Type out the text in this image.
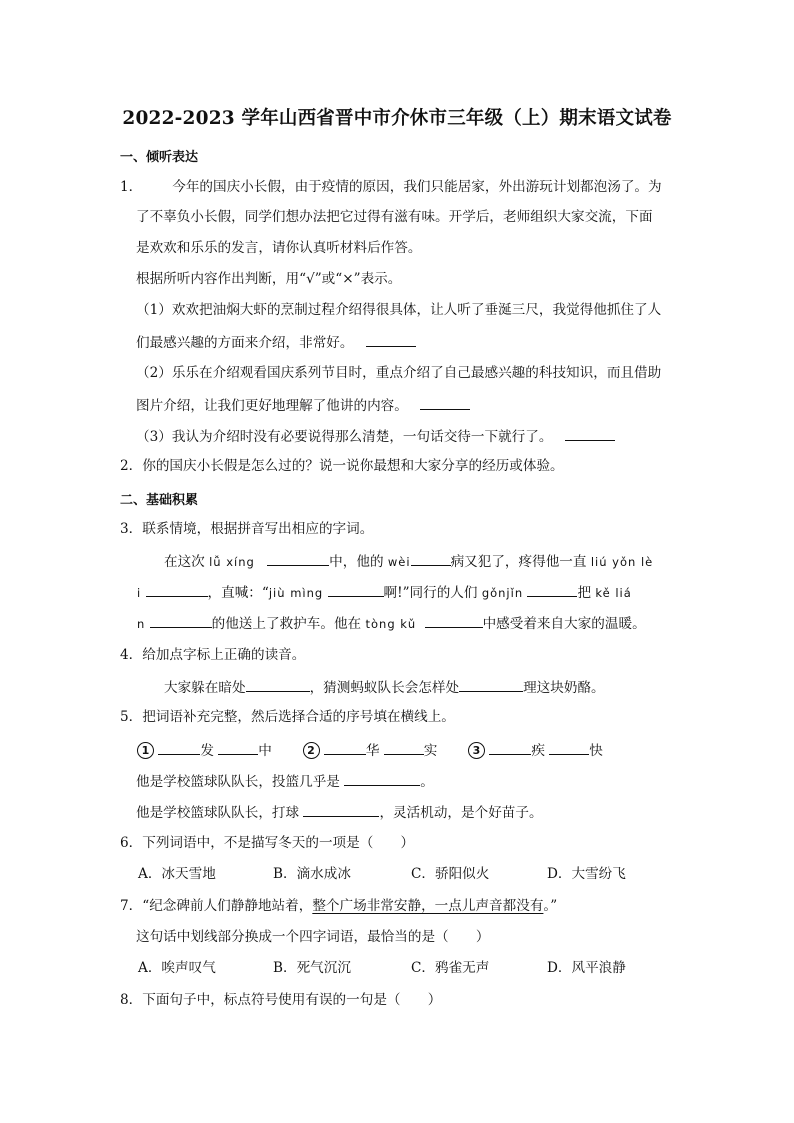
2022-2023 学年山西省晋中市介休市三年级（上）期末语文试卷
一、倾听表达
1． 今年的国庆小长假，由于疫情的原因，我们只能居家，外出游玩计划都泡汤了。为
了不辜负小长假，同学们想办法把它过得有滋有味。开学后，老师组织大家交流，下面
是欢欢和乐乐的发言，请你认真听材料后作答。
根据所听内容作出判断，用“√”或“×”表示。
（1）欢欢把油焖大虾的烹制过程介绍得很具体，让人听了垂涎三尺，我觉得他抓住了人
们最感兴趣的方面来介绍，非常好。
（2）乐乐在介绍观看国庆系列节目时，重点介绍了自己最感兴趣的科技知识，而且借助
图片介绍，让我们更好地理解了他讲的内容。
（3）我认为介绍时没有必要说得那么清楚，一句话交待一下就行了。
2．你的国庆小长假是怎么过的？说一说你最想和大家分享的经历或体验。
二、基础积累
3．联系情境，根据拼音写出相应的字词。
在这次 lǚ xíng	中，他的 wèi	病又犯了，疼得他一直 liú yǒn lè
i	，直喊：“jiù mìng	啊!”同行的人们 gǒnjǐn	把 kě liá
n	的他送上了救护车。他在 tòng kǔ	中感受着来自大家的温暖。
4．给加点字标上正确的读音。
大家躲在暗处	，猜测蚂蚁队长会怎样处	理这块奶酪。
5．把词语补充完整，然后选择合适的序号填在横线上。
1	发	中	2	华	实	3	疾	快
他是学校篮球队队长，投篮几乎是	。
他是学校篮球队队长，打球	，灵活机动，是个好苗子。
6．下列词语中，不是描写冬天的一项是（　　）
A．冰天雪地	B．滴水成冰	C．骄阳似火	D．大雪纷飞
7．“纪念碑前人们静静地站着，整个广场非常安静，一点儿声音都没有。”
这句话中划线部分换成一个四字词语，最恰当的是（　　）
A．唉声叹气	B．死气沉沉	C．鸦雀无声	D．风平浪静
8．下面句子中，标点符号使用有误的一句是（　　）
